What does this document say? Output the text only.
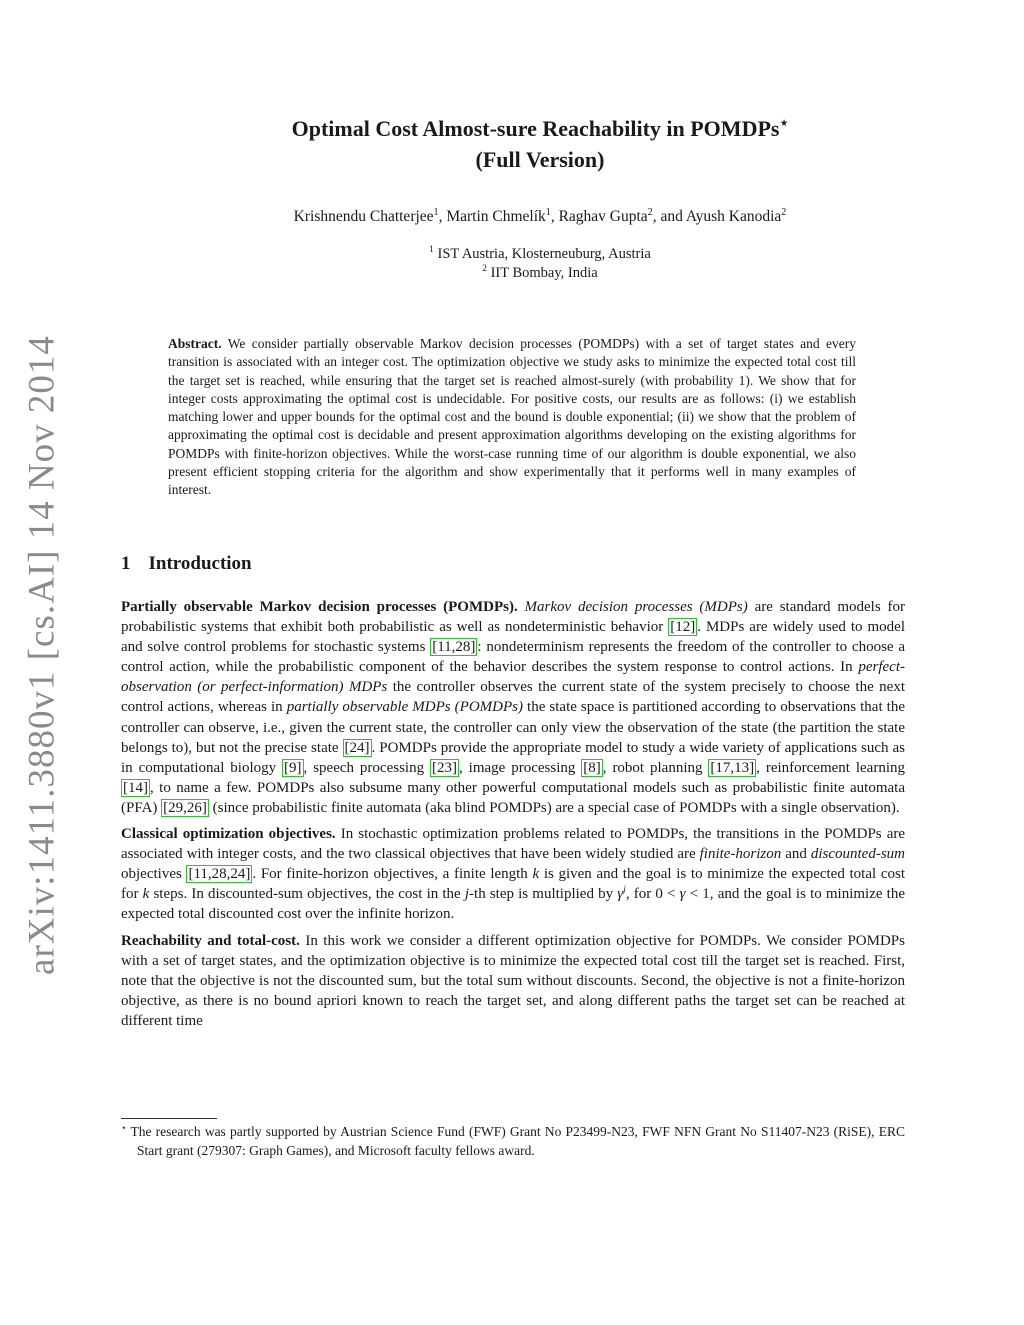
arXiv:1411.3880v1 [cs.AI] 14 Nov 2014
Optimal Cost Almost-sure Reachability in POMDPs⋆
(Full Version)
Krishnendu Chatterjee$^1$, Martin Chmelík$^1$, Raghav Gupta$^2$, and Ayush Kanodia$^2$
$^1$ IST Austria, Klosterneuburg, Austria
$^2$ IIT Bombay, India
Abstract. We consider partially observable Markov decision processes (POMDPs) with a set of target states and every transition is associated with an integer cost. The optimization objective we study asks to minimize the expected total cost till the target set is reached, while ensuring that the target set is reached almost-surely (with probability 1). We show that for integer costs approximating the optimal cost is undecidable. For positive costs, our results are as follows: (i) we establish matching lower and upper bounds for the optimal cost and the bound is double exponential; (ii) we show that the problem of approximating the optimal cost is decidable and present approximation algorithms developing on the existing algorithms for POMDPs with finite-horizon objectives. While the worst-case running time of our algorithm is double exponential, we also present efficient stopping criteria for the algorithm and show experimentally that it performs well in many examples of interest.
1 Introduction

Partially observable Markov decision processes (POMDPs). Markov decision processes (MDPs) are standard models for probabilistic systems that exhibit both probabilistic as well as nondeterministic behavior [12] . MDPs are widely used to model and solve control problems for stochastic systems [11,28] : nondeterminism represents the freedom of the controller to choose a control action, while the probabilistic component of the behavior describes the system response to control actions. In perfect-observation (or perfect-information) MDPs the controller observes the current state of the system precisely to choose the next control actions, whereas in partially observable MDPs (POMDPs) the state space is partitioned according to observations that the controller can observe, i.e., given the current state, the controller can only view the observation of the state (the partition the state belongs to), but not the precise state [24] . POMDPs provide the appropriate model to study a wide variety of applications such as in computational biology [9] , speech processing [23] , image processing [8] , robot planning [17,13] , reinforcement learning [14] , to name a few. POMDPs also subsume many other powerful computational models such as probabilistic finite automata (PFA) [29,26] (since probabilistic finite automata (aka blind POMDPs) are a special case of POMDPs with a single observation).

Classical optimization objectives. In stochastic optimization problems related to POMDPs, the transitions in the POMDPs are associated with integer costs, and the two classical objectives that have been widely studied are finite-horizon and discounted-sum objectives [11,28,24] . For finite-horizon objectives, a finite length k is given and the goal is to minimize the expected total cost for k steps. In discounted-sum objectives, the cost in the j-th step is multiplied by $\gamma^j$, for 0 < γ < 1, and the goal is to minimize the expected total discounted cost over the infinite horizon.

Reachability and total-cost. In this work we consider a different optimization objective for POMDPs. We consider POMDPs with a set of target states, and the optimization objective is to minimize the expected total cost till the target set is reached. First, note that the objective is not the discounted sum, but the total sum without discounts. Second, the objective is not a finite-horizon objective, as there is no bound apriori known to reach the target set, and along different paths the target set can be reached at different time

⋆ The research was partly supported by Austrian Science Fund (FWF) Grant No P23499-N23, FWF NFN Grant No S11407-N23 (RiSE), ERC Start grant (279307: Graph Games), and Microsoft faculty fellows award.
